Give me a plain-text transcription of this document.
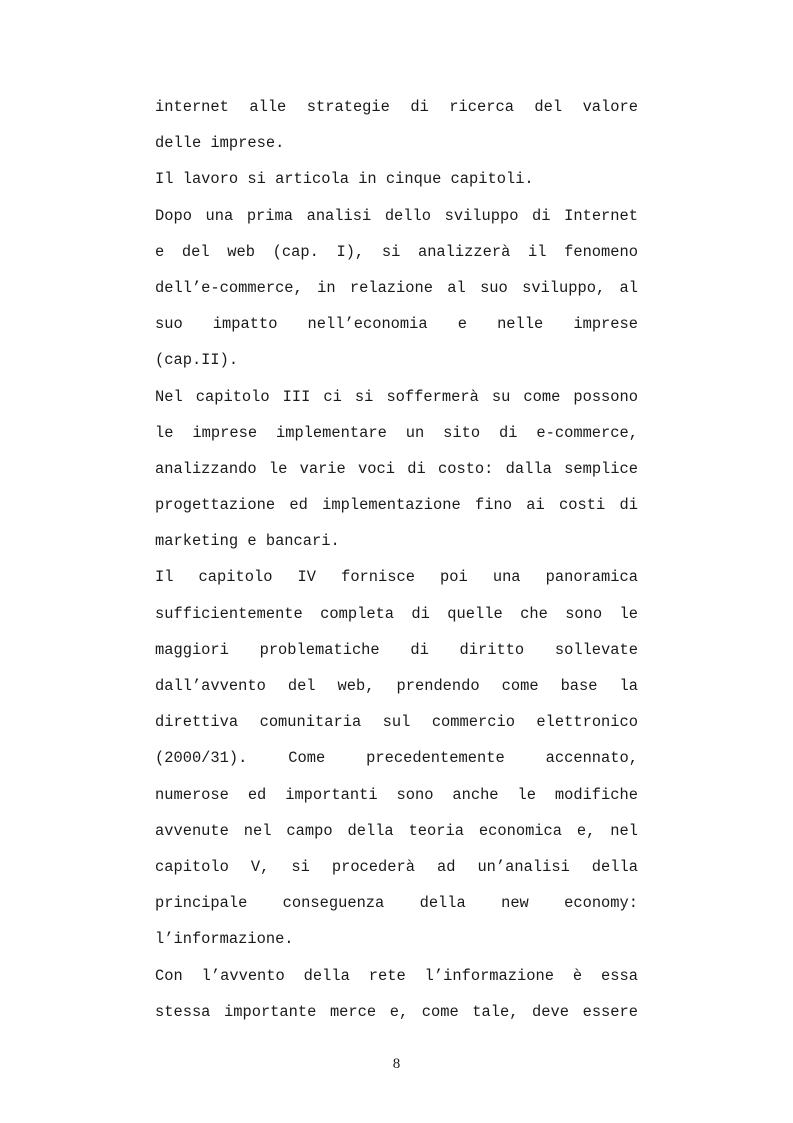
internet alle strategie di ricerca del valore
delle imprese.
Il lavoro si articola in cinque capitoli.
Dopo una prima analisi dello sviluppo di Internet
e del web (cap. I), si analizzerà il fenomeno
dell’e-commerce, in relazione al suo sviluppo, al
suo impatto nell’economia e nelle imprese
(cap.II).
Nel capitolo III ci si soffermerà su come possono
le imprese implementare un sito di e-commerce,
analizzando le varie voci di costo: dalla semplice
progettazione ed implementazione fino ai costi di
marketing e bancari.
Il capitolo IV fornisce poi una panoramica
sufficientemente completa di quelle che sono le
maggiori problematiche di diritto sollevate
dall’avvento del web, prendendo come base la
direttiva comunitaria sul commercio elettronico
(2000/31). Come precedentemente accennato,
numerose ed importanti sono anche le modifiche
avvenute nel campo della teoria economica e, nel
capitolo V, si procederà ad un’analisi della
principale conseguenza della new economy:
l’informazione.
Con l’avvento della rete l’informazione è essa
stessa importante merce e, come tale, deve essere
8
